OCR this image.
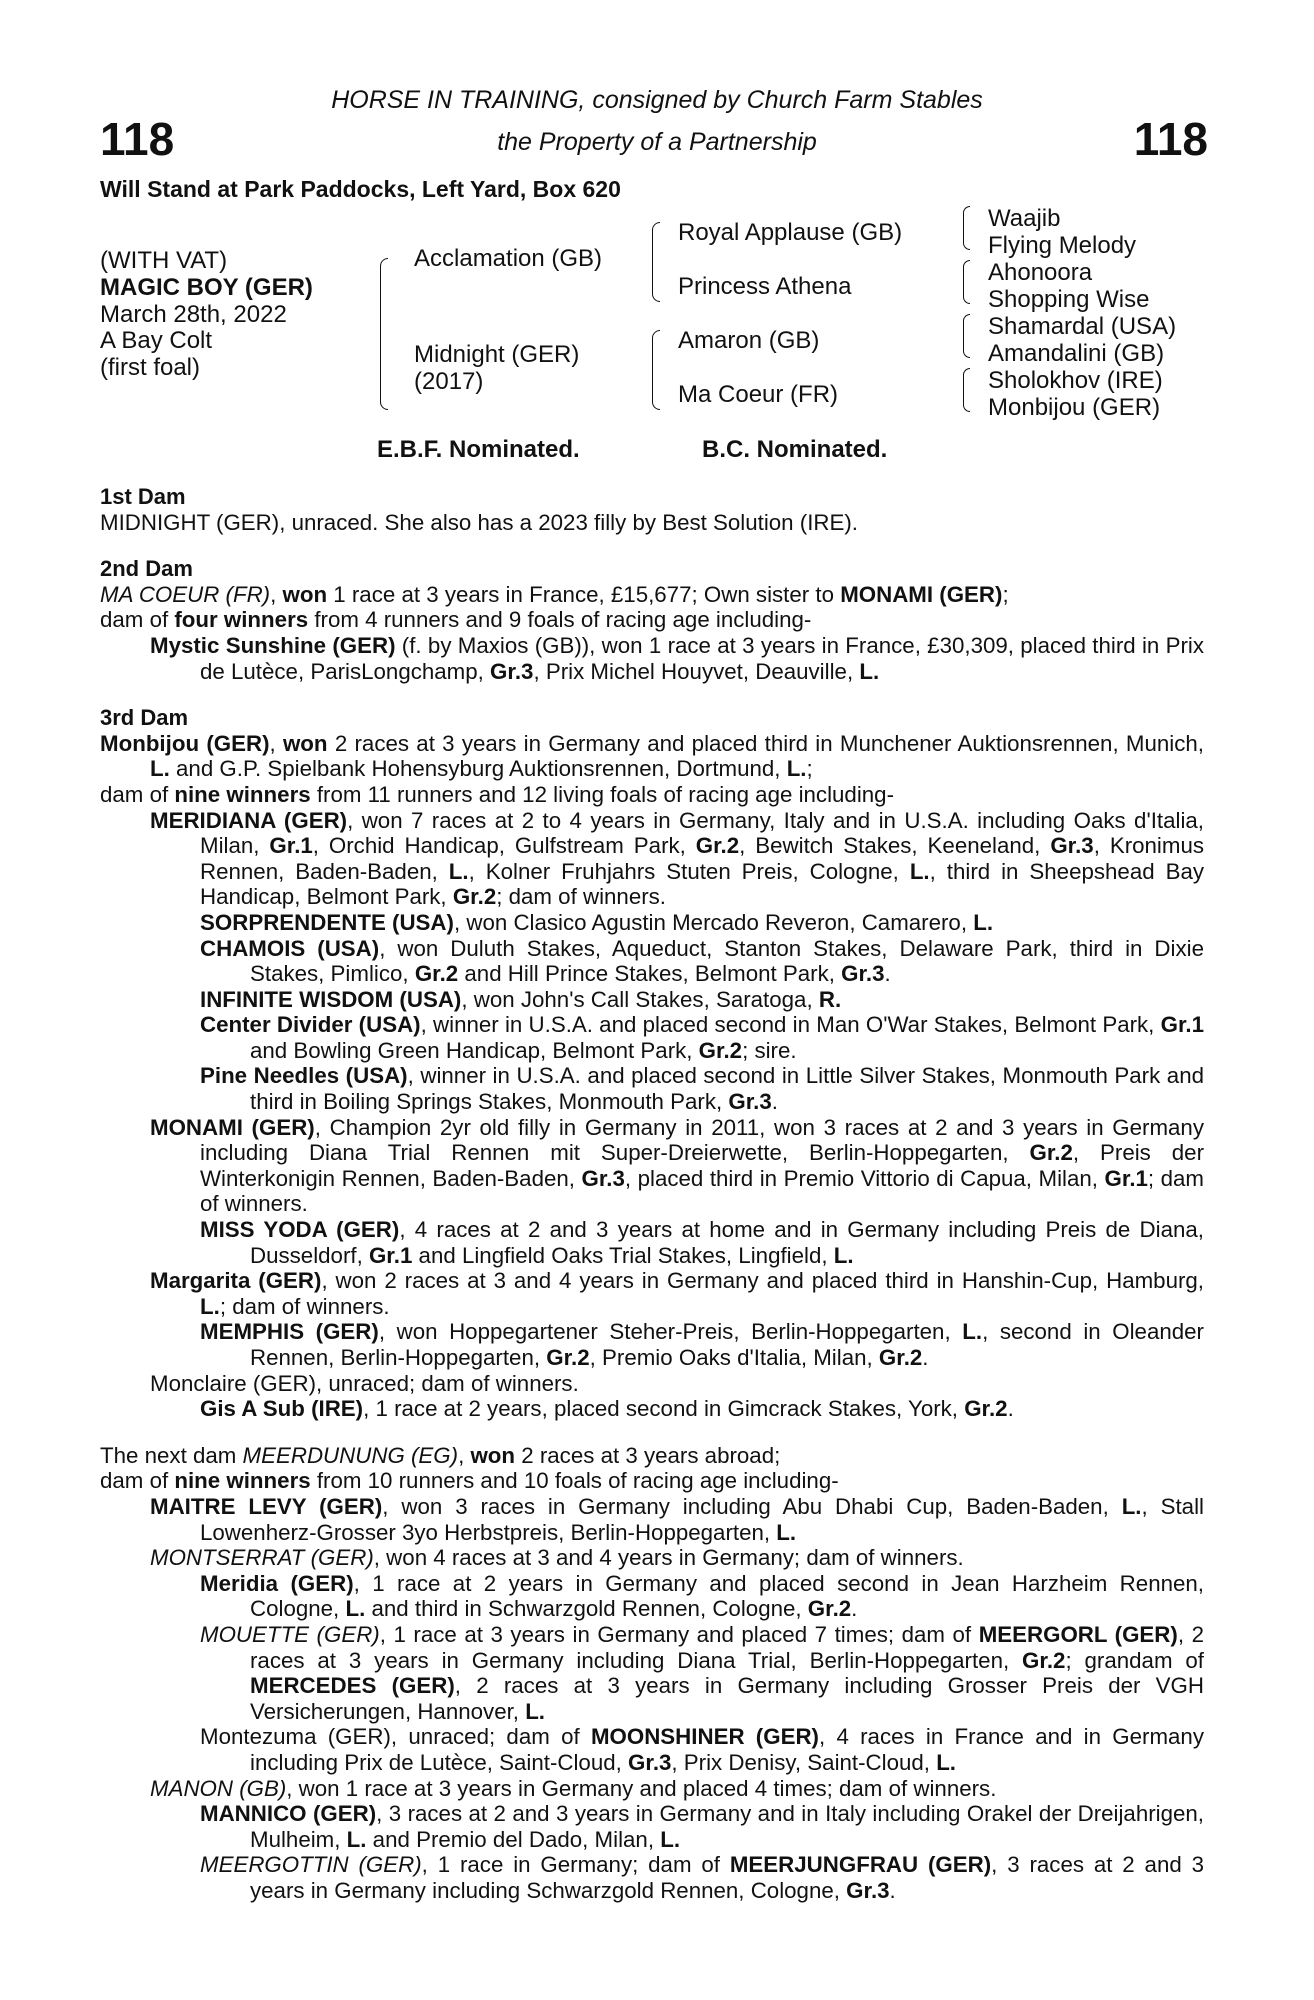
118	118
HORSE IN TRAINING, consigned by Church Farm Stables
the Property of a Partnership
Will Stand at Park Paddocks, Left Yard, Box 620
(WITH VAT)
MAGIC BOY (GER)
March 28th, 2022
A Bay Colt
(first foal)
Acclamation (GB)
Midnight (GER)
(2017)
Royal Applause (GB)
Princess Athena
Amaron (GB)
Ma Coeur (FR)
Waajib
Flying Melody
Ahonoora
Shopping Wise
Shamardal (USA)
Amandalini (GB)
Sholokhov (IRE)
Monbijou (GER)
E.B.F. Nominated.	B.C. Nominated.

1st Dam

MIDNIGHT (GER), unraced. She also has a 2023 filly by Best Solution (IRE).

2nd Dam

MA COEUR (FR), won 1 race at 3 years in France, £15,677; Own sister to MONAMI (GER);

dam of four winners from 4 runners and 9 foals of racing age including-

Mystic Sunshine (GER) (f. by Maxios (GB)), won 1 race at 3 years in France, £30,309, placed third in Prix de Lutèce, ParisLongchamp, Gr.3, Prix Michel Houyvet, Deauville, L.

3rd Dam

Monbijou (GER), won 2 races at 3 years in Germany and placed third in Munchener Auktionsrennen, Munich, L. and G.P. Spielbank Hohensyburg Auktionsrennen, Dortmund, L.;

dam of nine winners from 11 runners and 12 living foals of racing age including-

MERIDIANA (GER), won 7 races at 2 to 4 years in Germany, Italy and in U.S.A. including Oaks d'Italia, Milan, Gr.1, Orchid Handicap, Gulfstream Park, Gr.2, Bewitch Stakes, Keeneland, Gr.3, Kronimus Rennen, Baden-Baden, L., Kolner Fruhjahrs Stuten Preis, Cologne, L., third in Sheepshead Bay Handicap, Belmont Park, Gr.2; dam of winners.

SORPRENDENTE (USA), won Clasico Agustin Mercado Reveron, Camarero, L.

CHAMOIS (USA), won Duluth Stakes, Aqueduct, Stanton Stakes, Delaware Park, third in Dixie Stakes, Pimlico, Gr.2 and Hill Prince Stakes, Belmont Park, Gr.3.

INFINITE WISDOM (USA), won John's Call Stakes, Saratoga, R.

Center Divider (USA), winner in U.S.A. and placed second in Man O'War Stakes, Belmont Park, Gr.1 and Bowling Green Handicap, Belmont Park, Gr.2; sire.

Pine Needles (USA), winner in U.S.A. and placed second in Little Silver Stakes, Monmouth Park and third in Boiling Springs Stakes, Monmouth Park, Gr.3.

MONAMI (GER), Champion 2yr old filly in Germany in 2011, won 3 races at 2 and 3 years in Germany including Diana Trial Rennen mit Super-Dreierwette, Berlin-Hoppegarten, Gr.2, Preis der Winterkonigin Rennen, Baden-Baden, Gr.3, placed third in Premio Vittorio di Capua, Milan, Gr.1; dam of winners.

MISS YODA (GER), 4 races at 2 and 3 years at home and in Germany including Preis de Diana, Dusseldorf, Gr.1 and Lingfield Oaks Trial Stakes, Lingfield, L.

Margarita (GER), won 2 races at 3 and 4 years in Germany and placed third in Hanshin-Cup, Hamburg, L.; dam of winners.

MEMPHIS (GER), won Hoppegartener Steher-Preis, Berlin-Hoppegarten, L., second in Oleander Rennen, Berlin-Hoppegarten, Gr.2, Premio Oaks d'Italia, Milan, Gr.2.

Monclaire (GER), unraced; dam of winners.

Gis A Sub (IRE), 1 race at 2 years, placed second in Gimcrack Stakes, York, Gr.2.

The next dam MEERDUNUNG (EG), won 2 races at 3 years abroad;

dam of nine winners from 10 runners and 10 foals of racing age including-

MAITRE LEVY (GER), won 3 races in Germany including Abu Dhabi Cup, Baden-Baden, L., Stall Lowenherz-Grosser 3yo Herbstpreis, Berlin-Hoppegarten, L.

MONTSERRAT (GER), won 4 races at 3 and 4 years in Germany; dam of winners.

Meridia (GER), 1 race at 2 years in Germany and placed second in Jean Harzheim Rennen, Cologne, L. and third in Schwarzgold Rennen, Cologne, Gr.2.

MOUETTE (GER), 1 race at 3 years in Germany and placed 7 times; dam of MEERGORL (GER), 2 races at 3 years in Germany including Diana Trial, Berlin-Hoppegarten, Gr.2; grandam of MERCEDES (GER), 2 races at 3 years in Germany including Grosser Preis der VGH Versicherungen, Hannover, L.

Montezuma (GER), unraced; dam of MOONSHINER (GER), 4 races in France and in Germany including Prix de Lutèce, Saint-Cloud, Gr.3, Prix Denisy, Saint-Cloud, L.

MANON (GB), won 1 race at 3 years in Germany and placed 4 times; dam of winners.

MANNICO (GER), 3 races at 2 and 3 years in Germany and in Italy including Orakel der Dreijahrigen, Mulheim, L. and Premio del Dado, Milan, L.

MEERGOTTIN (GER), 1 race in Germany; dam of MEERJUNGFRAU (GER), 3 races at 2 and 3 years in Germany including Schwarzgold Rennen, Cologne, Gr.3.
